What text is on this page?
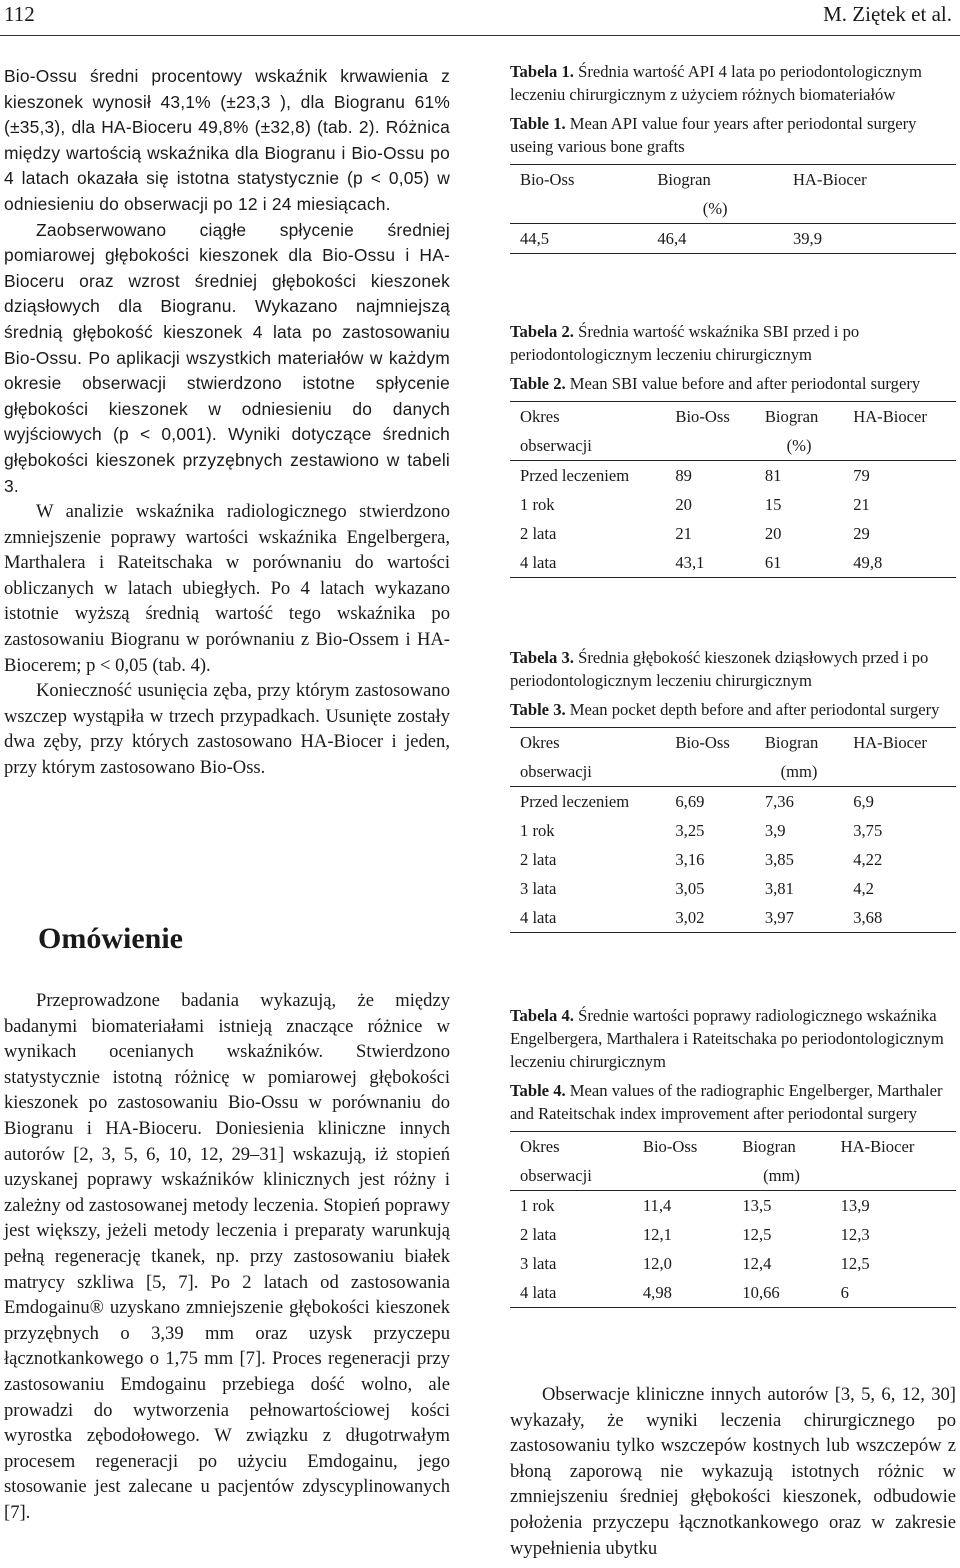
112	M. Ziętek et al.

Bio-Ossu średni procentowy wskaźnik krwawienia z kieszonek wynosił 43,1% (±23,3 ), dla Biogranu 61% (±35,3), dla HA-Bioceru 49,8% (±32,8) (tab. 2). Różnica między wartością wskaźnika dla Biogranu i Bio-Ossu po 4 latach okazała się istotna statystycznie (p < 0,05) w odniesieniu do obserwacji po 12 i 24 miesiącach.

Zaobserwowano ciągłe spłycenie średniej pomiarowej głębokości kieszonek dla Bio-Ossu i HA-Bioceru oraz wzrost średniej głębokości kieszonek dziąsłowych dla Biogranu. Wykazano najmniejszą średnią głębokość kieszonek 4 lata po zastosowaniu Bio-Ossu. Po aplikacji wszystkich materiałów w każdym okresie obserwacji stwierdzono istotne spłycenie głębokości kieszonek w odniesieniu do danych wyjściowych (p < 0,001). Wyniki dotyczące średnich głębokości kieszonek przyzębnych zestawiono w tabeli 3.

W analizie wskaźnika radiologicznego stwierdzono zmniejszenie poprawy wartości wskaźnika Engelbergera, Marthalera i Rateitschaka w porównaniu do wartości obliczanych w latach ubiegłych. Po 4 latach wykazano istotnie wyższą średnią wartość tego wskaźnika po zastosowaniu Biogranu w porównaniu z Bio-Ossem i HA-Biocerem; p < 0,05 (tab. 4).

Konieczność usunięcia zęba, przy którym zastosowano wszczep wystąpiła w trzech przypadkach. Usunięte zostały dwa zęby, przy których zastosowano HA-Biocer i jeden, przy którym zastosowano Bio-Oss.

Omówienie

Przeprowadzone badania wykazują, że między badanymi biomateriałami istnieją znaczące różnice w wynikach ocenianych wskaźników. Stwierdzono statystycznie istotną różnicę w pomiarowej głębokości kieszonek po zastosowaniu Bio-Ossu w porównaniu do Biogranu i HA-Bioceru. Doniesienia kliniczne innych autorów [2, 3, 5, 6, 10, 12, 29–31] wskazują, iż stopień uzyskanej poprawy wskaźników klinicznych jest różny i zależny od zastosowanej metody leczenia. Stopień poprawy jest większy, jeżeli metody leczenia i preparaty warunkują pełną regenerację tkanek, np. przy zastosowaniu białek matrycy szkliwa [5, 7]. Po 2 latach od zastosowania Emdogainu® uzyskano zmniejszenie głębokości kieszonek przyzębnych o 3,39 mm oraz uzysk przyczepu łącznotkankowego o 1,75 mm [7]. Proces regeneracji przy zastosowaniu Emdogainu przebiega dość wolno, ale prowadzi do wytworzenia pełnowartościowej kości wyrostka zębodołowego. W związku z długotrwałym procesem regeneracji po użyciu Emdogainu, jego stosowanie jest zalecane u pacjentów zdyscyplinowanych [7].

Tabela 1. Średnia wartość API 4 lata po periodontologicznym leczeniu chirurgicznym z użyciem różnych biomateriałów

Table 1. Mean API value four years after periodontal surgery useing various bone grafts

Bio-Oss	Biogran	HA-Biocer
	(%)	
44,5	46,4	39,9

Tabela 2. Średnia wartość wskaźnika SBI przed i po periodontologicznym leczeniu chirurgicznym

Table 2. Mean SBI value before and after periodontal surgery

Okres	Bio-Oss	Biogran	HA-Biocer
obserwacji		(%)	
Przed leczeniem	89	81	79
1 rok	20	15	21
2 lata	21	20	29
4 lata	43,1	61	49,8

Tabela 3. Średnia głębokość kieszonek dziąsłowych przed i po periodontologicznym leczeniu chirurgicznym

Table 3. Mean pocket depth before and after periodontal surgery

Okres	Bio-Oss	Biogran	HA-Biocer
obserwacji		(mm)	
Przed leczeniem	6,69	7,36	6,9
1 rok	3,25	3,9	3,75
2 lata	3,16	3,85	4,22
3 lata	3,05	3,81	4,2
4 lata	3,02	3,97	3,68

Tabela 4. Średnie wartości poprawy radiologicznego wskaźnika Engelbergera, Marthalera i Rateitschaka po periodontologicznym leczeniu chirurgicznym

Table 4. Mean values of the radiographic Engelberger, Marthaler and Rateitschak index improvement after periodontal surgery

Okres	Bio-Oss	Biogran	HA-Biocer
obserwacji		(mm)	
1 rok	11,4	13,5	13,9
2 lata	12,1	12,5	12,3
3 lata	12,0	12,4	12,5
4 lata	4,98	10,66	6

Obserwacje kliniczne innych autorów [3, 5, 6, 12, 30] wykazały, że wyniki leczenia chirurgicznego po zastosowaniu tylko wszczepów kostnych lub wszczepów z błoną zaporową nie wykazują istotnych różnic w zmniejszeniu średniej głębokości kieszonek, odbudowie położenia przyczepu łącznotkankowego oraz w zakresie wypełnienia ubytku
